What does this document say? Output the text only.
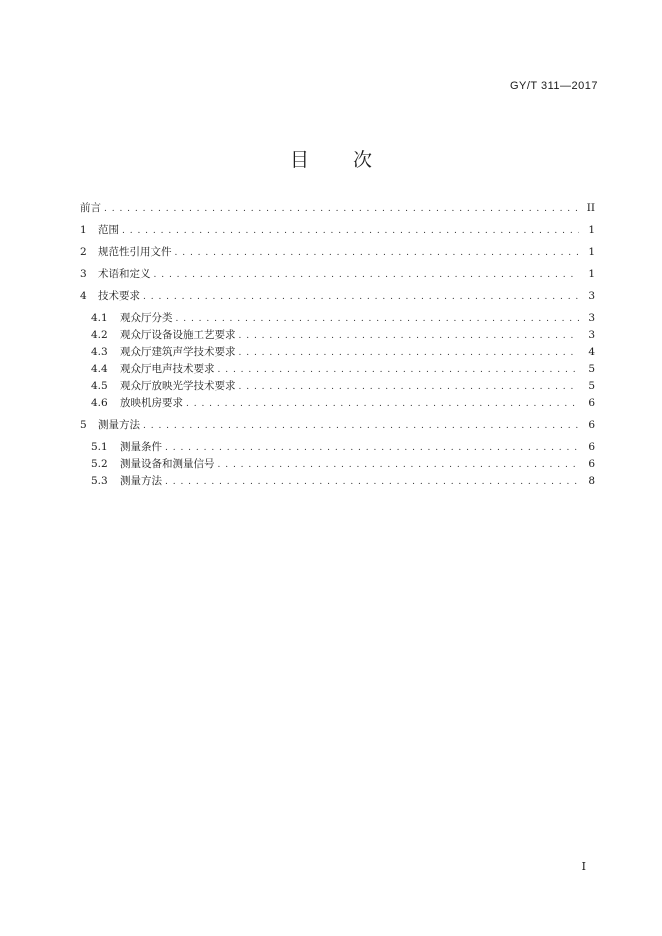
GY/T 311—2017
目 次
前言 . . .	II
1	范围 . . .	1
2	规范性引用文件 . . .	1
3	术语和定义 . . .	1
4	技术要求 . . .	3
4.1	观众厅分类 . . .	3
4.2	观众厅设备设施工艺要求 . . .	3
4.3	观众厅建筑声学技术要求 . . .	4
4.4	观众厅电声技术要求 . . .	5
4.5	观众厅放映光学技术要求 . . .	5
4.6	放映机房要求 . . .	6
5	测量方法 . . .	6
5.1	测量条件 . . .	6
5.2	测量设备和测量信号 . . .	6
5.3	测量方法 . . .	8
I
